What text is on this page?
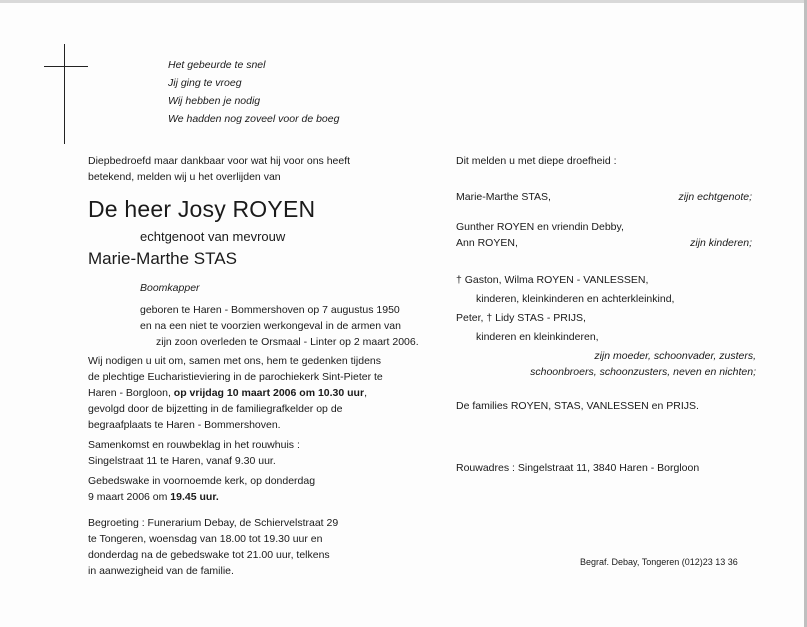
Het gebeurde te snel
Jij ging te vroeg
Wij hebben je nodig
We hadden nog zoveel voor de boeg
Diepbedroefd maar dankbaar voor wat hij voor ons heeft
betekend, melden wij u het overlijden van
De heer Josy ROYEN
echtgenoot van mevrouw
Marie-Marthe STAS
Boomkapper
geboren te Haren - Bommershoven op 7 augustus 1950
en na een niet te voorzien werkongeval in de armen van
zijn zoon overleden te Orsmaal - Linter op 2 maart 2006.
Wij nodigen u uit om, samen met ons, hem te gedenken tijdens
de plechtige Eucharistieviering in de parochiekerk Sint-Pieter te
Haren - Borgloon, op vrijdag 10 maart 2006 om 10.30 uur,
gevolgd door de bijzetting in de familiegrafkelder op de
begraafplaats te Haren - Bommershoven.
Samenkomst en rouwbeklag in het rouwhuis :
Singelstraat 11 te Haren, vanaf 9.30 uur.
Gebedswake in voornoemde kerk, op donderdag
9 maart 2006 om 19.45 uur.
Begroeting : Funerarium Debay, de Schiervelstraat 29
te Tongeren, woensdag van 18.00 tot 19.30 uur en
donderdag na de gebedswake tot 21.00 uur, telkens
in aanwezigheid van de familie.
Dit melden u met diepe droefheid :
Marie-Marthe STAS,	zijn echtgenote;
Gunther ROYEN en vriendin Debby,
Ann ROYEN,	zijn kinderen;
† Gaston, Wilma ROYEN - VANLESSEN,
kinderen, kleinkinderen en achterkleinkind,
Peter, † Lidy STAS - PRIJS,
kinderen en kleinkinderen,
zijn moeder, schoonvader, zusters,
schoonbroers, schoonzusters, neven en nichten;
De families ROYEN, STAS, VANLESSEN en PRIJS.
Rouwadres : Singelstraat 11, 3840 Haren - Borgloon
Begraf. Debay, Tongeren (012)23 13 36
